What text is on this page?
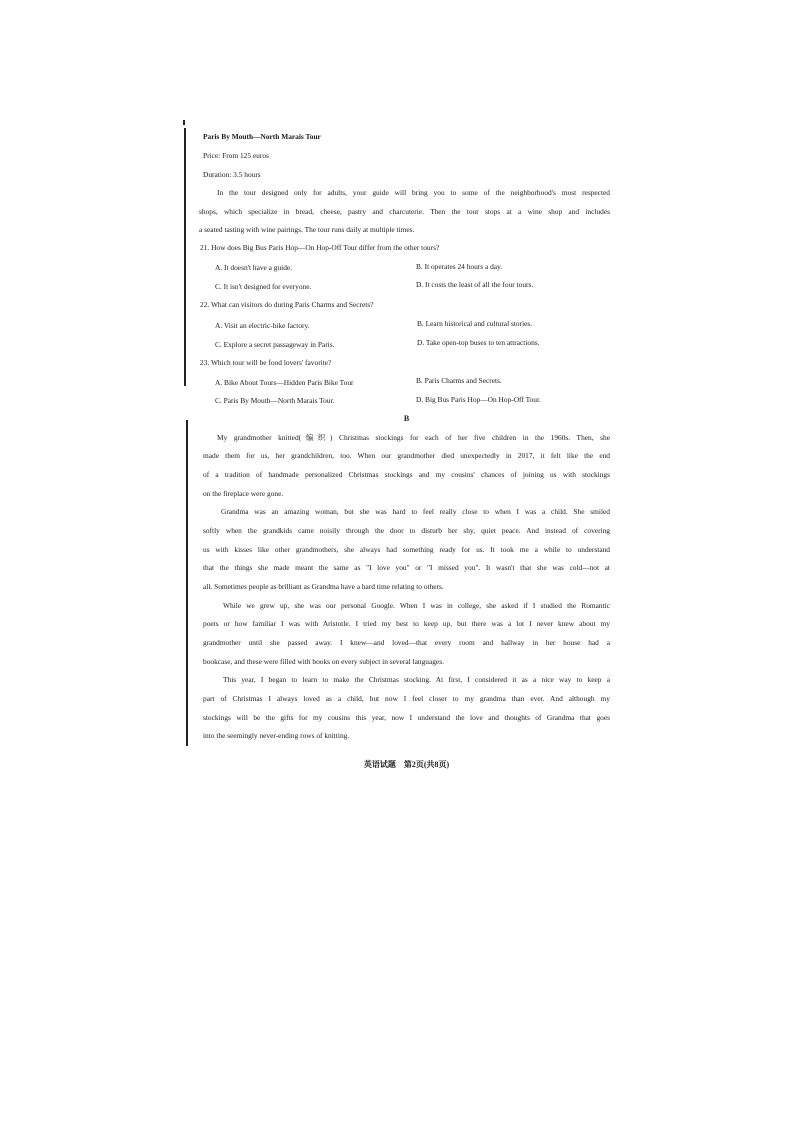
Paris By Mouth—North Marais Tour
Price: From 125 euros
Duration: 3.5 hours
In the tour designed only for adults, your guide will bring you to some of the neighborhood's most respected
shops, which specialize in bread, cheese, pastry and charcuterie. Then the tour stops at a wine shop and includes
a seated tasting with wine pairings. The tour runs daily at multiple times.
21. How does Big Bus Paris Hop—On Hop-Off Tour differ from the other tours?
A. It doesn't have a guide.	B. It operates 24 hours a day.
C. It isn't designed for everyone.	D. It costs the least of all the four tours.
22. What can visitors do during Paris Charms and Secrets?
A. Visit an electric-bike factory.	B. Learn historical and cultural stories.
C. Explore a secret passageway in Paris.	D. Take open-top buses to ten attractions.
23. Which tour will be food lovers' favorite?
A. Bike About Tours—Hidden Paris Bike Tour	B. Paris Charms and Secrets.
C. Paris By Mouth—North Marais Tour.	D. Big Bus Paris Hop—On Hop-Off Tour.
B
My grandmother knitted(编织) Christmas stockings for each of her five children in the 1960s. Then, she
made them for us, her grandchildren, too. When our grandmother died unexpectedly in 2017, it felt like the end
of a tradition of handmade personalized Christmas stockings and my cousins' chances of joining us with stockings
on the fireplace were gone.
Grandma was an amazing woman, but she was hard to feel really close to when I was a child. She smiled
softly when the grandkids came noisily through the door to disturb her shy, quiet peace. And instead of covering
us with kisses like other grandmothers, she always had something ready for us. It took me a while to understand
that the things she made meant the same as "I love you" or "I missed you". It wasn't that she was cold—not at
all. Sometimes people as brilliant as Grandma have a hard time relating to others.
While we grew up, she was our personal Google. When I was in college, she asked if I studied the Romantic
poets or how familiar I was with Aristotle. I tried my best to keep up, but there was a lot I never knew about my
grandmother until she passed away. I knew—and loved—that every room and hallway in her house had a
bookcase, and these were filled with books on every subject in several languages.
This year, I began to learn to make the Christmas stocking. At first, I considered it as a nice way to keep a
part of Christmas I always loved as a child, but now I feel closer to my grandma than ever. And although my
stockings will be the gifts for my cousins this year, now I understand the love and thoughts of Grandma that goes
into the seemingly never-ending rows of knitting.
英语试题　第2页(共8页)
